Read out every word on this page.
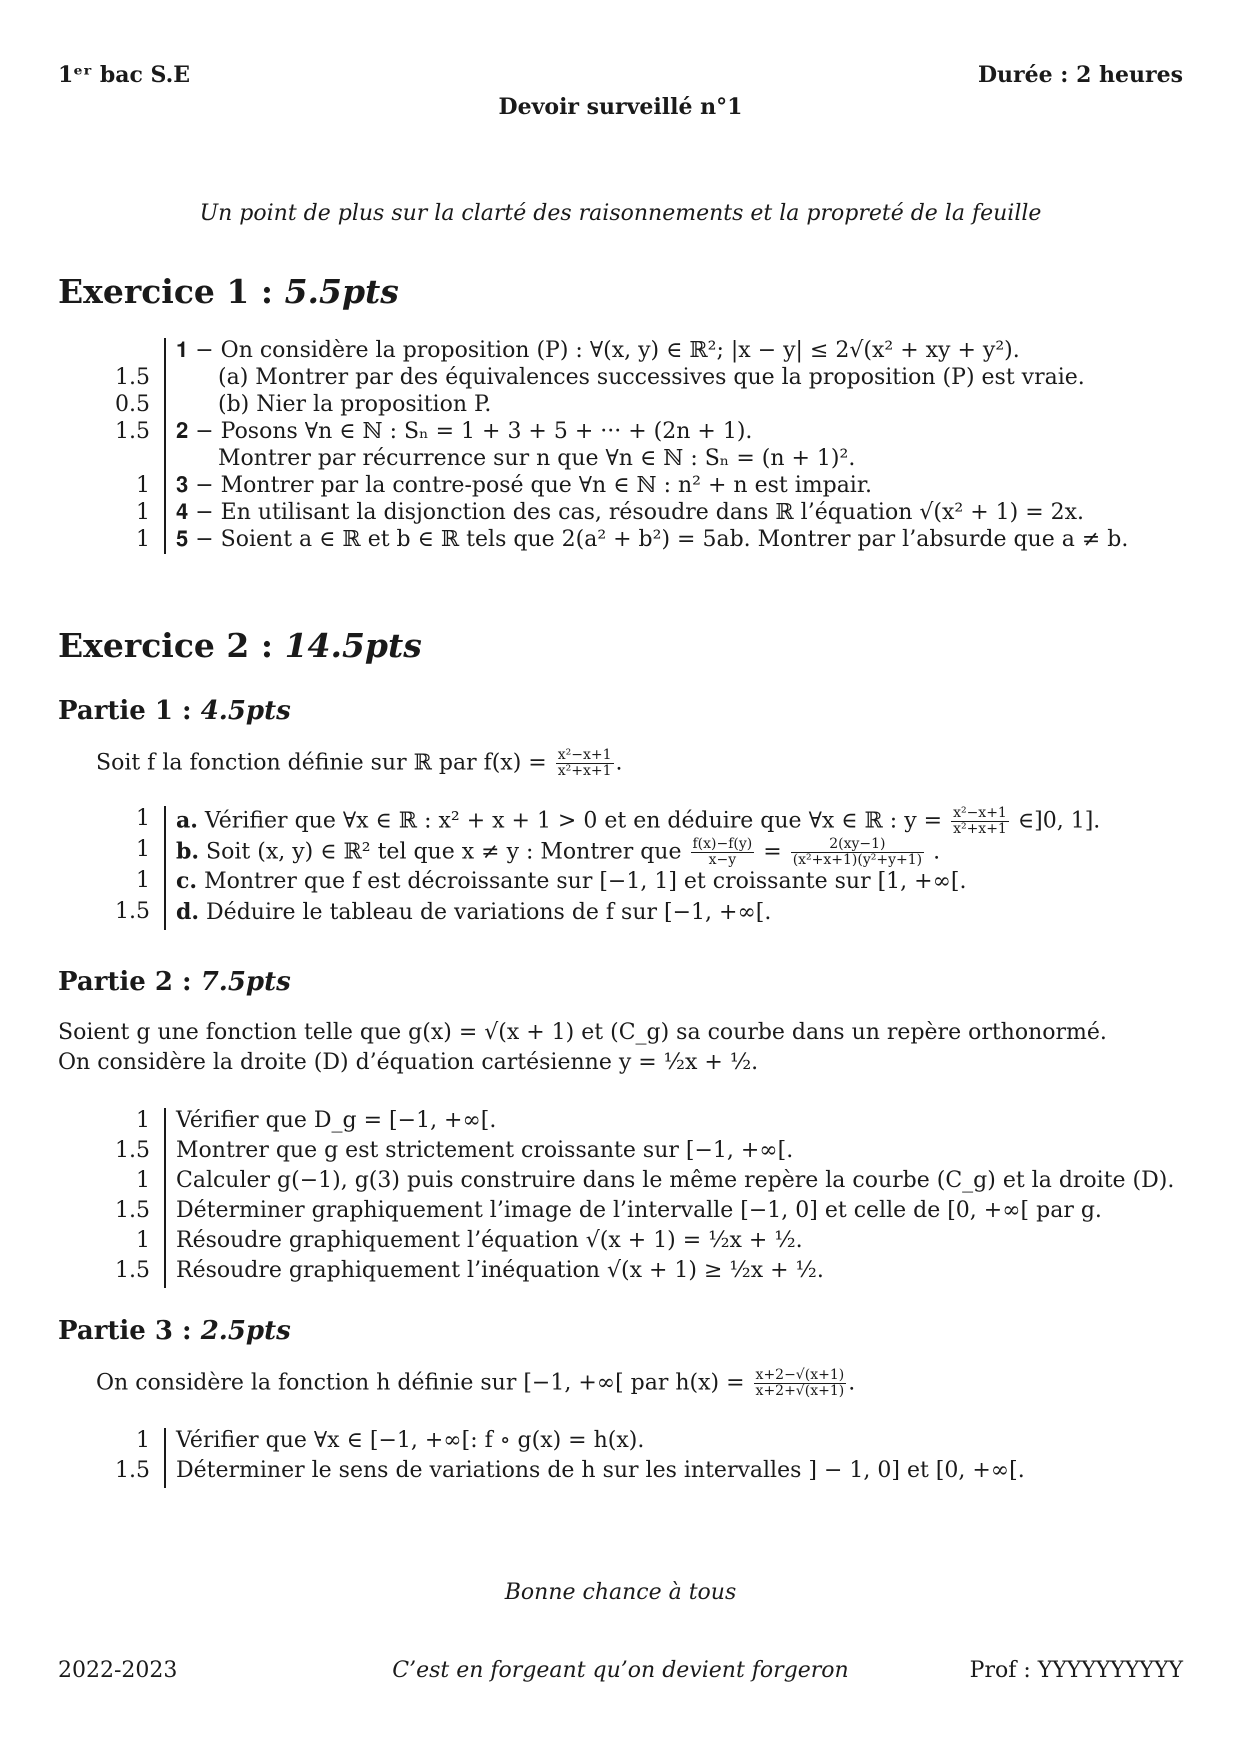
1ᵉʳ bac S.E	Durée : 2 heures
Devoir surveillé n°1
Un point de plus sur la clarté des raisonnements et la propreté de la feuille
Exercice 1 : 5.5pts
𝟏 − On considère la proposition (P) : ∀(x, y) ∈ ℝ²; |x − y| ≤ 2√(x² + xy + y²).
1.5	(a) Montrer par des équivalences successives que la proposition (P) est vraie.
0.5	(b) Nier la proposition P.
1.5 𝟐 − Posons ∀n ∈ ℕ : Sₙ = 1 + 3 + 5 + ··· + (2n + 1).
Montrer par récurrence sur n que ∀n ∈ ℕ : Sₙ = (n + 1)².
1 𝟑 − Montrer par la contre-posé que ∀n ∈ ℕ : n² + n est impair.
1 𝟒 − En utilisant la disjonction des cas, résoudre dans ℝ l’équation √(x² + 1) = 2x.
1 𝟓 − Soient a ∈ ℝ et b ∈ ℝ tels que 2(a² + b²) = 5ab. Montrer par l’absurde que a ≠ b.
Exercice 2 : 14.5pts
Partie 1 : 4.5pts
Soit f la fonction définie sur ℝ par $f(x) = \frac{\text{x²−x+1}}{\text{x²+x+1}}$ .
1 a. Vérifier que ∀x ∈ ℝ : x² + x + 1 > 0 et en déduire que ∀x ∈ ℝ : $y = \frac{\text{x²−x+1}}{\text{x²+x+1}}$ ∈]0, 1].
1 b. Soit (x, y) ∈ ℝ² tel que x ≠ y : Montrer que $\frac{f(x)-f(y)}{x-y} = \frac{2(xy-1)}{\text{(x²+x+1)(y²+y+1)}}$ .
1 c. Montrer que f est décroissante sur [−1, 1] et croissante sur [1, +∞[.
1.5 d. Déduire le tableau de variations de f sur [−1, +∞[.
Partie 2 : 7.5pts
Soient g une fonction telle que g(x) = √(x + 1) et (C_g) sa courbe dans un repère orthonormé.
On considère la droite (D) d’équation cartésienne y = ½x + ½.
1 Vérifier que D_g = [−1, +∞[.
1.5 Montrer que g est strictement croissante sur [−1, +∞[.
1 Calculer g(−1), g(3) puis construire dans le même repère la courbe (C_g) et la droite (D).
1.5 Déterminer graphiquement l’image de l’intervalle [−1, 0] et celle de [0, +∞[ par g.
1 Résoudre graphiquement l’équation √(x + 1) = ½x + ½.
1.5 Résoudre graphiquement l’inéquation √(x + 1) ≥ ½x + ½.
Partie 3 : 2.5pts
On considère la fonction h définie sur [−1, +∞[ par $h(x) = \frac{x+2-√(x+1)}{x+2+√(x+1)}$ .
1 Vérifier que ∀x ∈ [−1, +∞[: f ∘ g(x) = h(x).
1.5 Déterminer le sens de variations de h sur les intervalles ] − 1, 0] et [0, +∞[.
Bonne chance à tous
2022-2023	C’est en forgeant qu’on devient forgeron	Prof : YYYYYYYYYY
